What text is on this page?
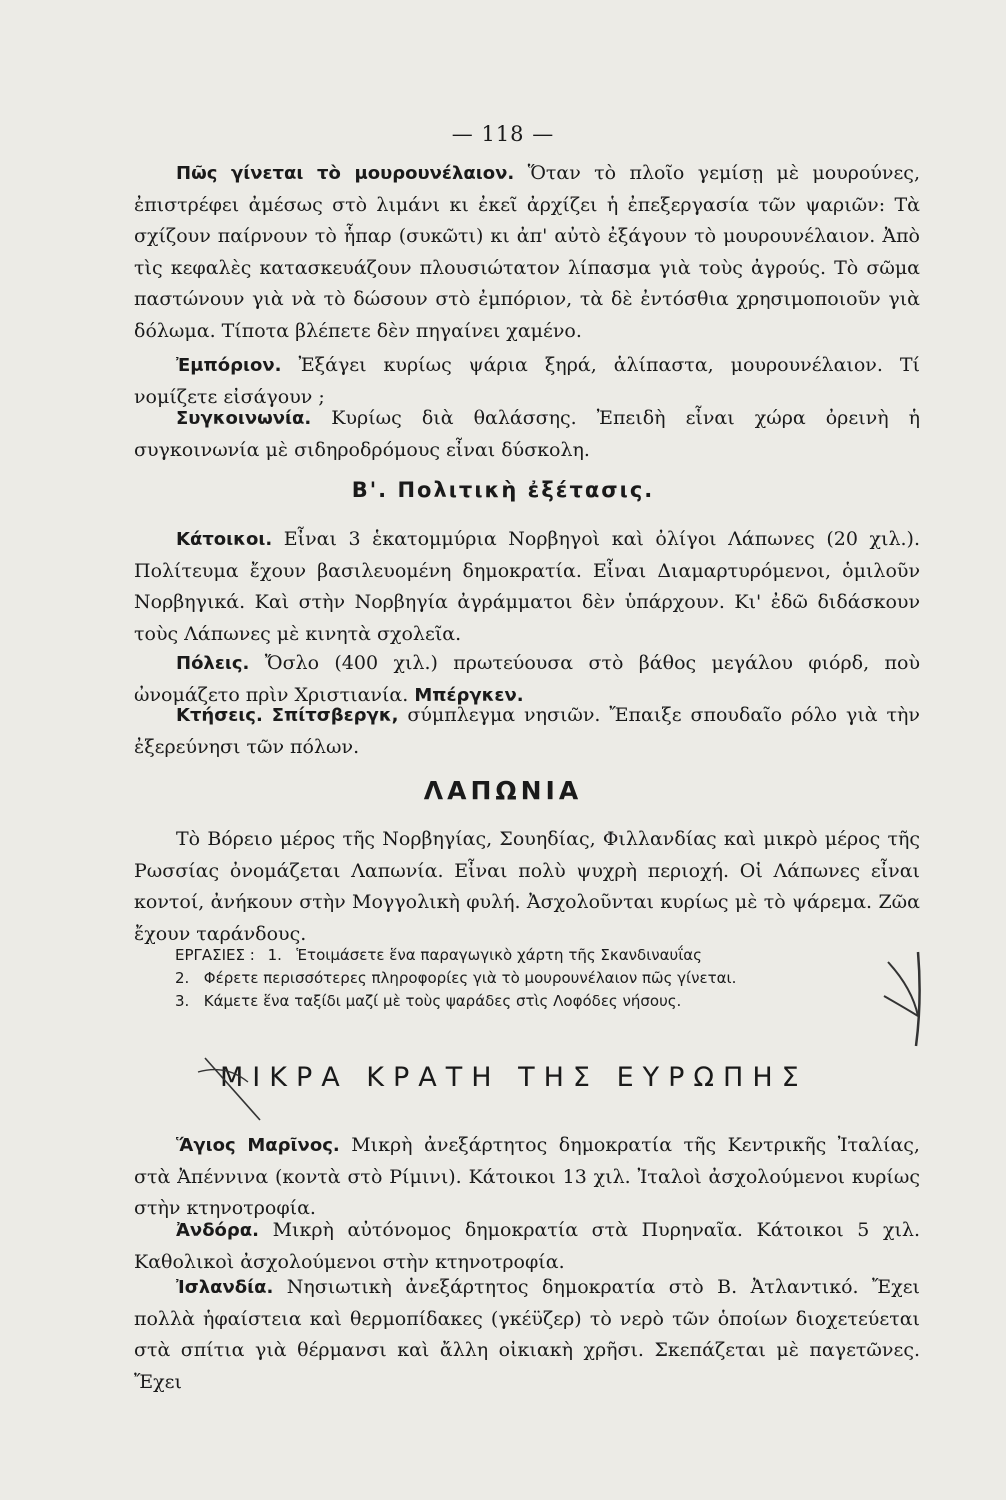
— 118 —
Πῶς γίνεται τὸ μουρουνέλαιον. Ὅταν τὸ πλοῖο γεμίσῃ μὲ μουρούνες, ἐπιστρέφει ἀμέσως στὸ λιμάνι κι ἐκεῖ ἀρχίζει ἡ ἐπεξεργασία τῶν ψαριῶν: Τὰ σχίζουν παίρνουν τὸ ἧπαρ (συκῶτι) κι ἀπ' αὐτὸ ἐξάγουν τὸ μουρουνέλαιον. Ἀπὸ τὶς κεφαλὲς κατασκευάζουν πλουσιώτατον λίπασμα γιὰ τοὺς ἀγρούς. Τὸ σῶμα παστώνουν γιὰ νὰ τὸ δώσουν στὸ ἐμπόριον, τὰ δὲ ἐντόσθια χρησιμοποιοῦν γιὰ δόλωμα. Τίποτα βλέπετε δὲν πηγαίνει χαμένο.
Ἐμπόριον. Ἐξάγει κυρίως ψάρια ξηρά, ἁλίπαστα, μουρουνέλαιον. Τί νομίζετε εἰσάγουν ;
Συγκοινωνία. Κυρίως διὰ θαλάσσης. Ἐπειδὴ εἶναι χώρα ὀρεινὴ ἡ συγκοινωνία μὲ σιδηροδρόμους εἶναι δύσκολη.
Β'. Πολιτικὴ ἐξέτασις.
Κάτοικοι. Εἶναι 3 ἑκατομμύρια Νορβηγοὶ καὶ ὀλίγοι Λάπωνες (20 χιλ.). Πολίτευμα ἔχουν βασιλευομένη δημοκρατία. Εἶναι Διαμαρτυρόμενοι, ὁμιλοῦν Νορβηγικά. Καὶ στὴν Νορβηγία ἀγράμματοι δὲν ὑπάρχουν. Κι' ἐδῶ διδάσκουν τοὺς Λάπωνες μὲ κινητὰ σχολεῖα.
Πόλεις. Ὄσλο (400 χιλ.) πρωτεύουσα στὸ βάθος μεγάλου φιόρδ, ποὺ ὠνομάζετο πρὶν Χριστιανία. Μπέργκεν.
Κτήσεις. Σπίτσβεργκ, σύμπλεγμα νησιῶν. Ἔπαιξε σπουδαῖο ρόλο γιὰ τὴν ἐξερεύνησι τῶν πόλων.
ΛΑΠΩΝΙΑ
Τὸ Βόρειο μέρος τῆς Νορβηγίας, Σουηδίας, Φιλλανδίας καὶ μικρὸ μέρος τῆς Ρωσσίας ὀνομάζεται Λαπωνία. Εἶναι πολὺ ψυχρὴ περιοχή. Οἱ Λάπωνες εἶναι κοντοί, ἀνήκουν στὴν Μογγολικὴ φυλή. Ἀσχολοῦνται κυρίως μὲ τὸ ψάρεμα. Ζῶα ἔχουν ταράνδους.
ΕΡΓΑΣΙΕΣ : 1. Ἑτοιμάσετε ἕνα παραγωγικὸ χάρτη τῆς Σκανδιναυΐας
2. Φέρετε περισσότερες πληροφορίες γιὰ τὸ μουρουνέλαιον πῶς γίνεται.
3. Κάμετε ἕνα ταξίδι μαζί μὲ τοὺς ψαράδες στὶς Λοφόδες νήσους.
ΜΙΚΡΑ ΚΡΑΤΗ ΤΗΣ ΕΥΡΩΠΗΣ
Ἅγιος Μαρῖνος. Μικρὴ ἀνεξάρτητος δημοκρατία τῆς Κεντρικῆς Ἰταλίας, στὰ Ἀπέννινα (κοντὰ στὸ Ρίμινι). Κάτοικοι 13 χιλ. Ἰταλοὶ ἀσχολούμενοι κυρίως στὴν κτηνοτροφία.
Ἀνδόρα. Μικρὴ αὐτόνομος δημοκρατία στὰ Πυρηναῖα. Κάτοικοι 5 χιλ. Καθολικοὶ ἀσχολούμενοι στὴν κτηνοτροφία.
Ἰσλανδία. Νησιωτικὴ ἀνεξάρτητος δημοκρατία στὸ Β. Ἀτλαντικό. Ἔχει πολλὰ ἡφαίστεια καὶ θερμοπίδακες (γκέϋζερ) τὸ νερὸ τῶν ὁποίων διοχετεύεται στὰ σπίτια γιὰ θέρμανσι καὶ ἄλλη οἰκιακὴ χρῆσι. Σκεπάζεται μὲ παγετῶνες. Ἔχει
